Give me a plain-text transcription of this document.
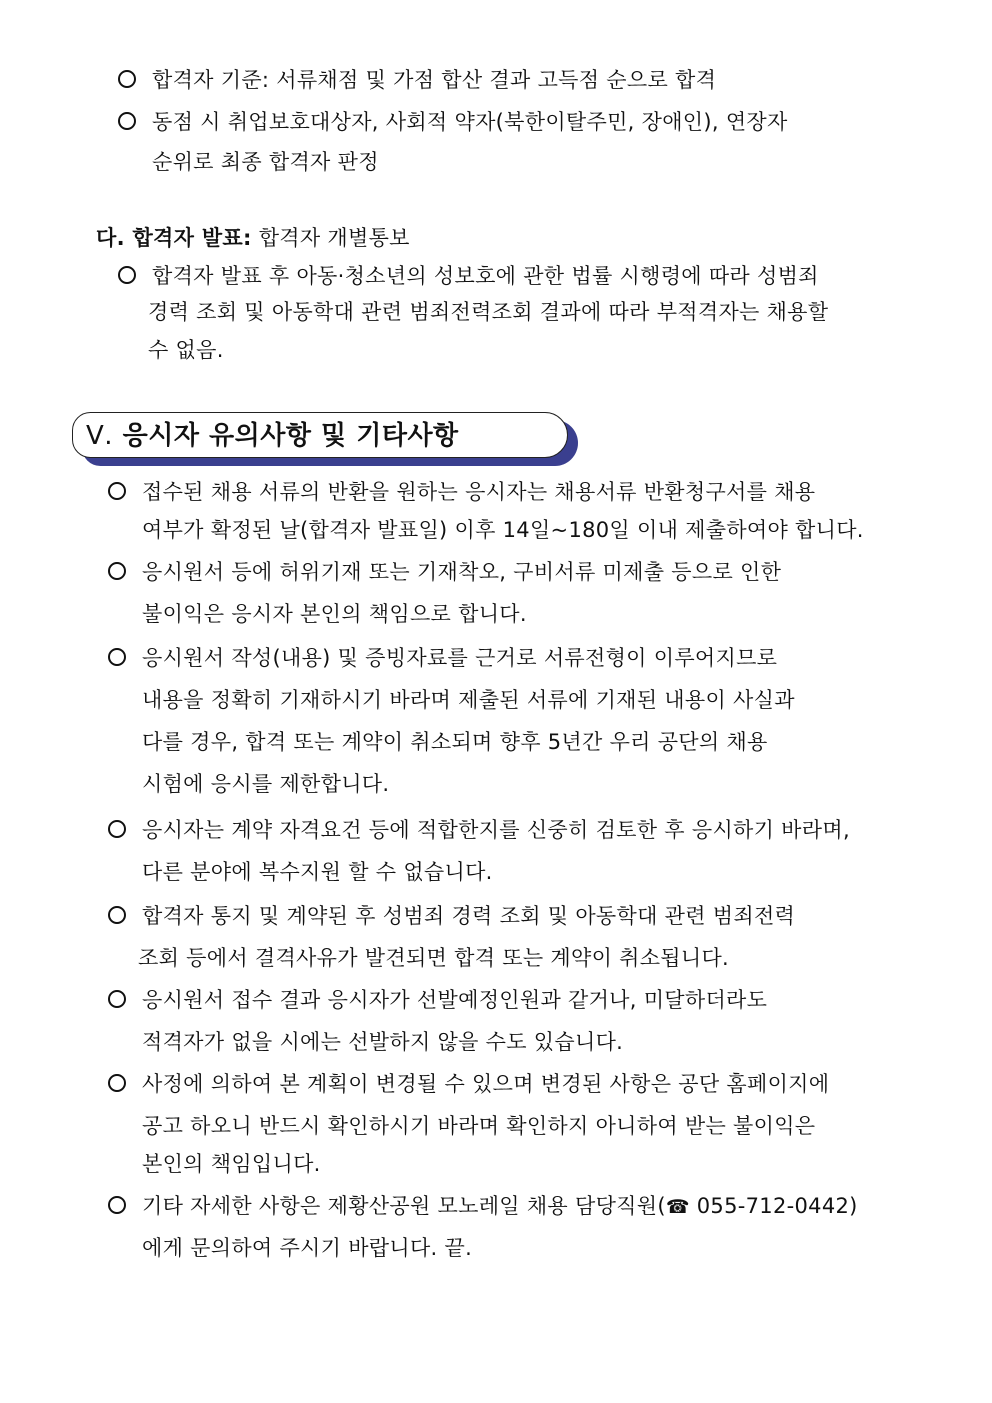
합격자 기준: 서류채점 및 가점 합산 결과 고득점 순으로 합격
동점 시 취업보호대상자, 사회적 약자(북한이탈주민, 장애인), 연장자
순위로 최종 합격자 판정
다. 합격자 발표: 합격자 개별통보
합격자 발표 후 아동·청소년의 성보호에 관한 법률 시행령에 따라 성범죄
경력 조회 및 아동학대 관련 범죄전력조회 결과에 따라 부적격자는 채용할
수 없음.
Ⅴ. 응시자 유의사항 및 기타사항
접수된 채용 서류의 반환을 원하는 응시자는 채용서류 반환청구서를 채용
여부가 확정된 날(합격자 발표일) 이후 14일~180일 이내 제출하여야 합니다.
응시원서 등에 허위기재 또는 기재착오, 구비서류 미제출 등으로 인한
불이익은 응시자 본인의 책임으로 합니다.
응시원서 작성(내용) 및 증빙자료를 근거로 서류전형이 이루어지므로
내용을 정확히 기재하시기 바라며 제출된 서류에 기재된 내용이 사실과
다를 경우, 합격 또는 계약이 취소되며 향후 5년간 우리 공단의 채용
시험에 응시를 제한합니다.
응시자는 계약 자격요건 등에 적합한지를 신중히 검토한 후 응시하기 바라며,
다른 분야에 복수지원 할 수 없습니다.
합격자 통지 및 계약된 후 성범죄 경력 조회 및 아동학대 관련 범죄전력
조회 등에서 결격사유가 발견되면 합격 또는 계약이 취소됩니다.
응시원서 접수 결과 응시자가 선발예정인원과 같거나, 미달하더라도
적격자가 없을 시에는 선발하지 않을 수도 있습니다.
사정에 의하여 본 계획이 변경될 수 있으며 변경된 사항은 공단 홈페이지에
공고 하오니 반드시 확인하시기 바라며 확인하지 아니하여 받는 불이익은
본인의 책임입니다.
기타 자세한 사항은 제황산공원 모노레일 채용 담당직원(☎ 055-712-0442)
에게 문의하여 주시기 바랍니다. 끝.
